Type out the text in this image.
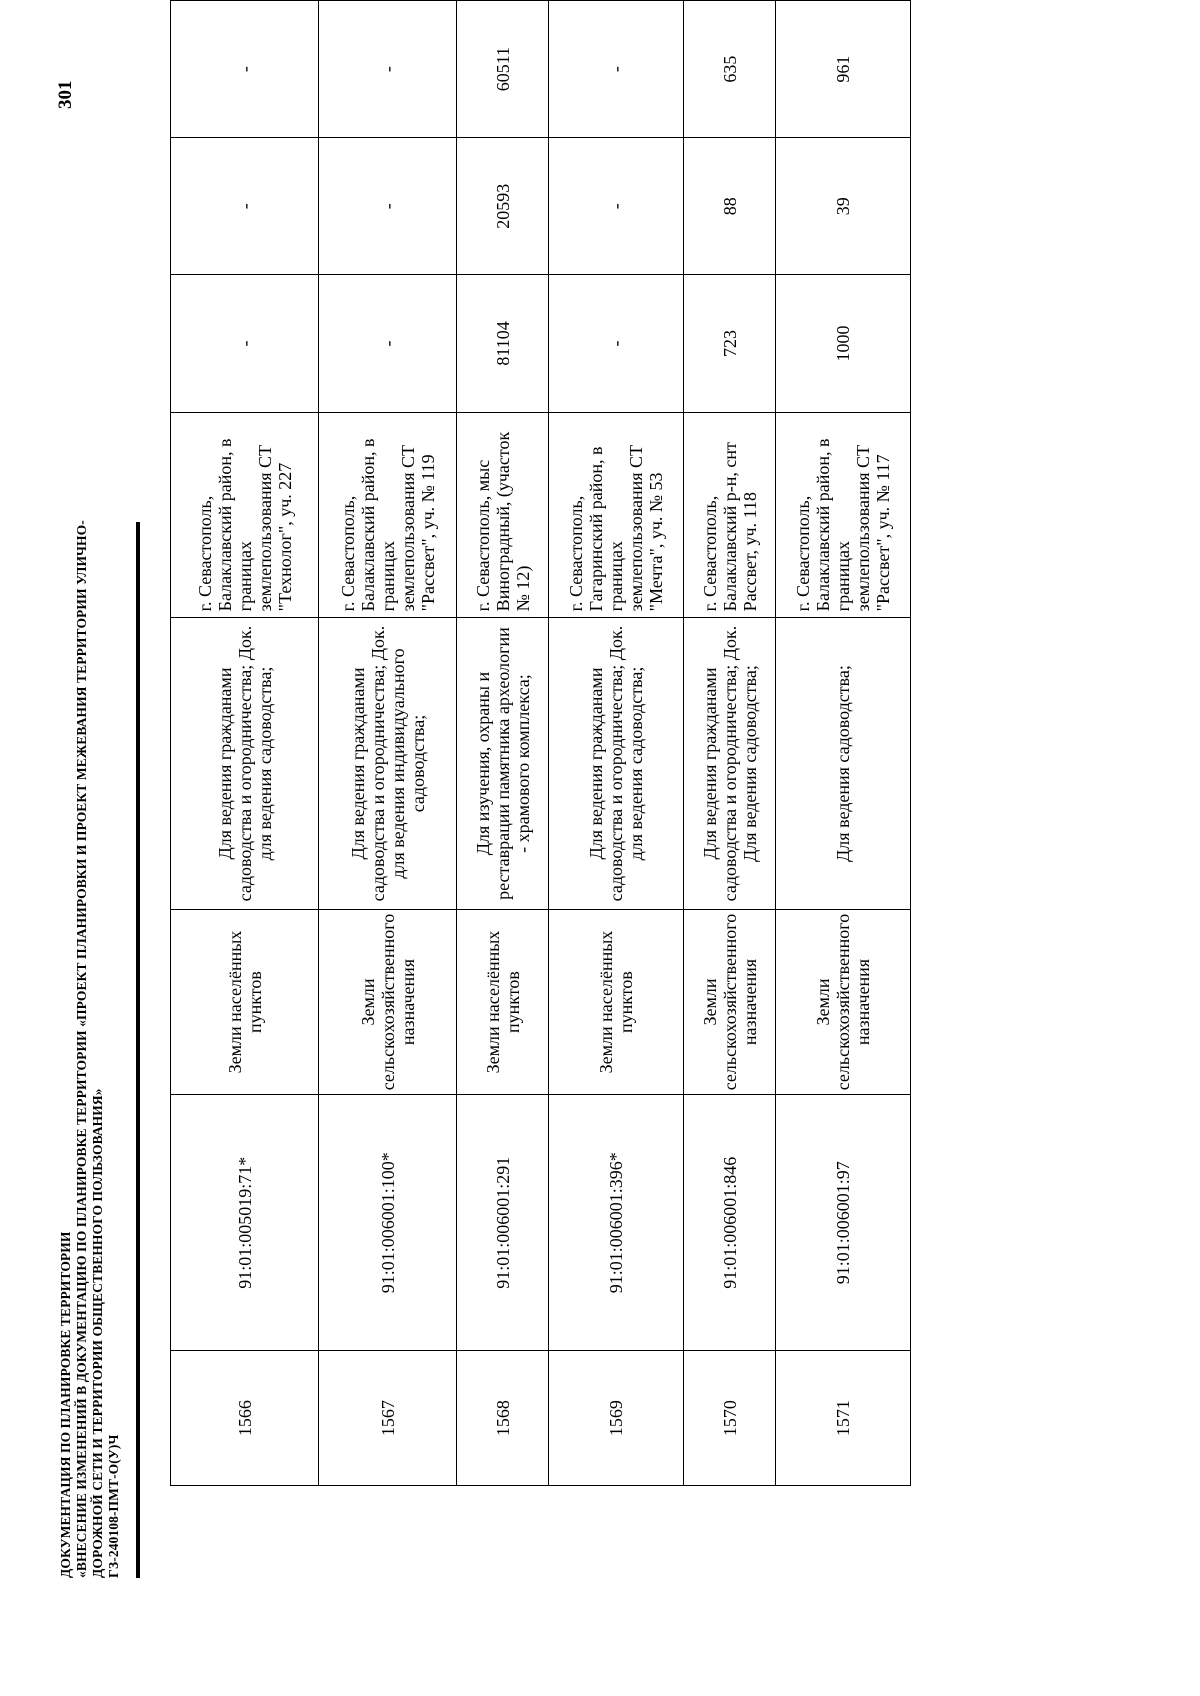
ДОКУМЕНТАЦИЯ ПО ПЛАНИРОВКЕ ТЕРРИТОРИИ «ВНЕСЕНИЕ ИЗМЕНЕНИЙ В ДОКУМЕНТАЦИЮ ПО ПЛАНИРОВКЕ ТЕРРИТОРИИ «ПРОЕКТ ПЛАНИРОВКИ И ПРОЕКТ МЕЖЕВАНИЯ ТЕРРИТОРИИ УЛИЧНО- ДОРОЖНОЙ СЕТИ И ТЕРРИТОРИИ ОБЩЕСТВЕННОГО ПОЛЬЗОВАНИЯ» ГЗ-240108-ПМТ-О(У)Ч
301
1566	91:01:005019:71*	Земли населённых пунктов	Для ведения гражданами садоводства и огородничества; Док. для ведения садоводства;	г. Севастополь, Балаклавский район, в границах землепользования СТ "Технолог", уч. 227	-	-	-
1567	91:01:006001:100*	Земли сельскохозяйственного назначения	Для ведения гражданами садоводства и огородничества; Док. для ведения индивидуального садоводства;	г. Севастополь, Балаклавский район, в границах землепользования СТ "Рассвет", уч. № 119	-	-	-
1568	91:01:006001:291	Земли населённых пунктов	Для изучения, охраны и реставрации памятника археологии - храмового комплекса;	г. Севастополь, мыс Виноградный, (участок № 12)	81104	20593	60511
1569	91:01:006001:396*	Земли населённых пунктов	Для ведения гражданами садоводства и огородничества; Док. для ведения садоводства;	г. Севастополь, Гагаринский район, в границах землепользования СТ "Мечта", уч. № 53	-	-	-
1570	91:01:006001:846	Земли сельскохозяйственного назначения	Для ведения гражданами садоводства и огородничества; Док. Для ведения садоводства;	г. Севастополь, Балаклавский р-н, снт Рассвет, уч. 118	723	88	635
1571	91:01:006001:97	Земли сельскохозяйственного назначения	Для ведения садоводства;	г. Севастополь, Балаклавский район, в границах землепользования СТ "Рассвет", уч. № 117	1000	39	961
